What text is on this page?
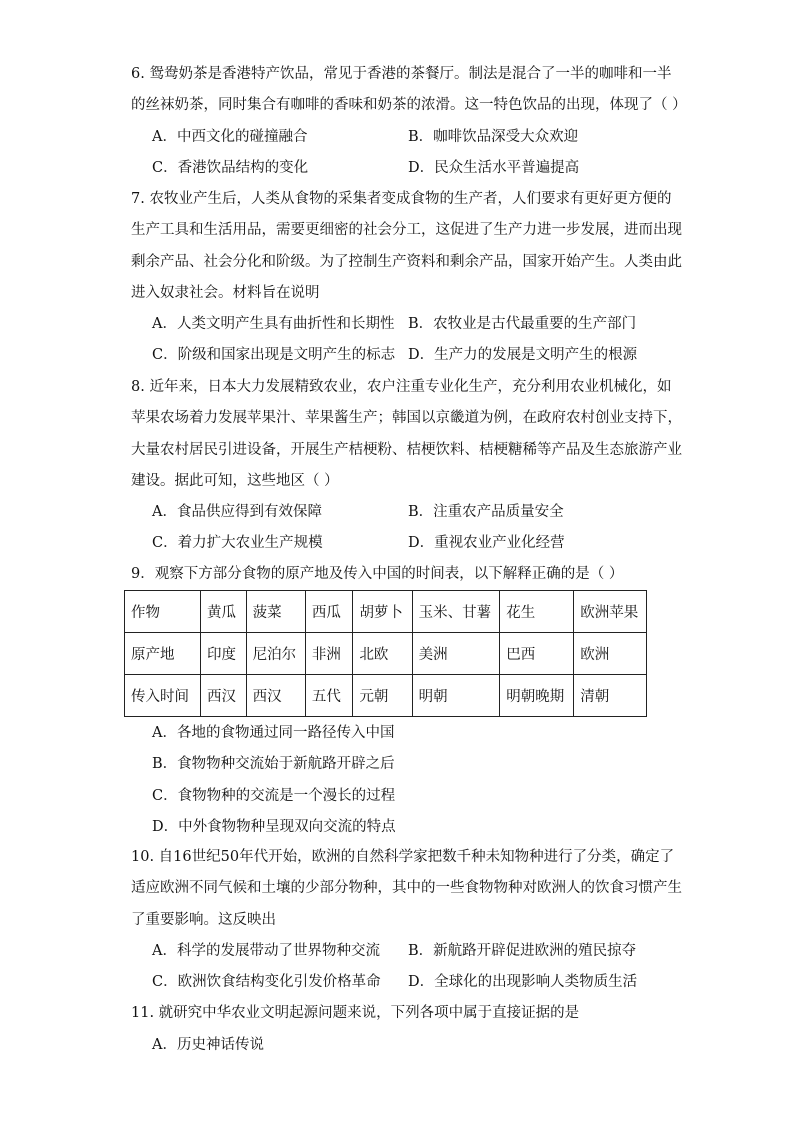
6. 鸳鸯奶茶是香港特产饮品，常见于香港的茶餐厅。制法是混合了一半的咖啡和一半

的丝袜奶茶，同时集合有咖啡的香味和奶茶的浓滑。这一特色饮品的出现，体现了（ ）

A．中西文化的碰撞融合	B．咖啡饮品深受大众欢迎
C．香港饮品结构的变化	D．民众生活水平普遍提高

7. 农牧业产生后，人类从食物的采集者变成食物的生产者，人们要求有更好更方便的

生产工具和生活用品，需要更细密的社会分工，这促进了生产力进一步发展，进而出现

剩余产品、社会分化和阶级。为了控制生产资料和剩余产品，国家开始产生。人类由此

进入奴隶社会。材料旨在说明

A．人类文明产生具有曲折性和长期性 B．农牧业是古代最重要的生产部门
C．阶级和国家出现是文明产生的标志 D．生产力的发展是文明产生的根源

8. 近年来，日本大力发展精致农业，农户注重专业化生产，充分利用农业机械化，如

苹果农场着力发展苹果汁、苹果酱生产；韩国以京畿道为例，在政府农村创业支持下，

大量农村居民引进设备，开展生产桔梗粉、桔梗饮料、桔梗糖稀等产品及生态旅游产业

建设。据此可知，这些地区（ ）

A．食品供应得到有效保障	B．注重农产品质量安全
C．着力扩大农业生产规模	D．重视农业产业化经营

9．观察下方部分食物的原产地及传入中国的时间表，以下解释正确的是（ ）

作物	黄瓜	菠菜	西瓜	胡萝卜	玉米、甘薯	花生	欧洲苹果
原产地	印度	尼泊尔	非洲	北欧	美洲	巴西	欧洲
传入时间	西汉	西汉	五代	元朝	明朝	明朝晚期	清朝
A．各地的食物通过同一路径传入中国
B．食物物种交流始于新航路开辟之后
C．食物物种的交流是一个漫长的过程
D．中外食物物种呈现双向交流的特点

10. 自16世纪50年代开始，欧洲的自然科学家把数千种未知物种进行了分类，确定了

适应欧洲不同气候和土壤的少部分物种，其中的一些食物物种对欧洲人的饮食习惯产生

了重要影响。这反映出

A．科学的发展带动了世界物种交流 B．新航路开辟促进欧洲的殖民掠夺
C．欧洲饮食结构变化引发价格革命 D．全球化的出现影响人类物质生活

11. 就研究中华农业文明起源问题来说，下列各项中属于直接证据的是

A．历史神话传说
